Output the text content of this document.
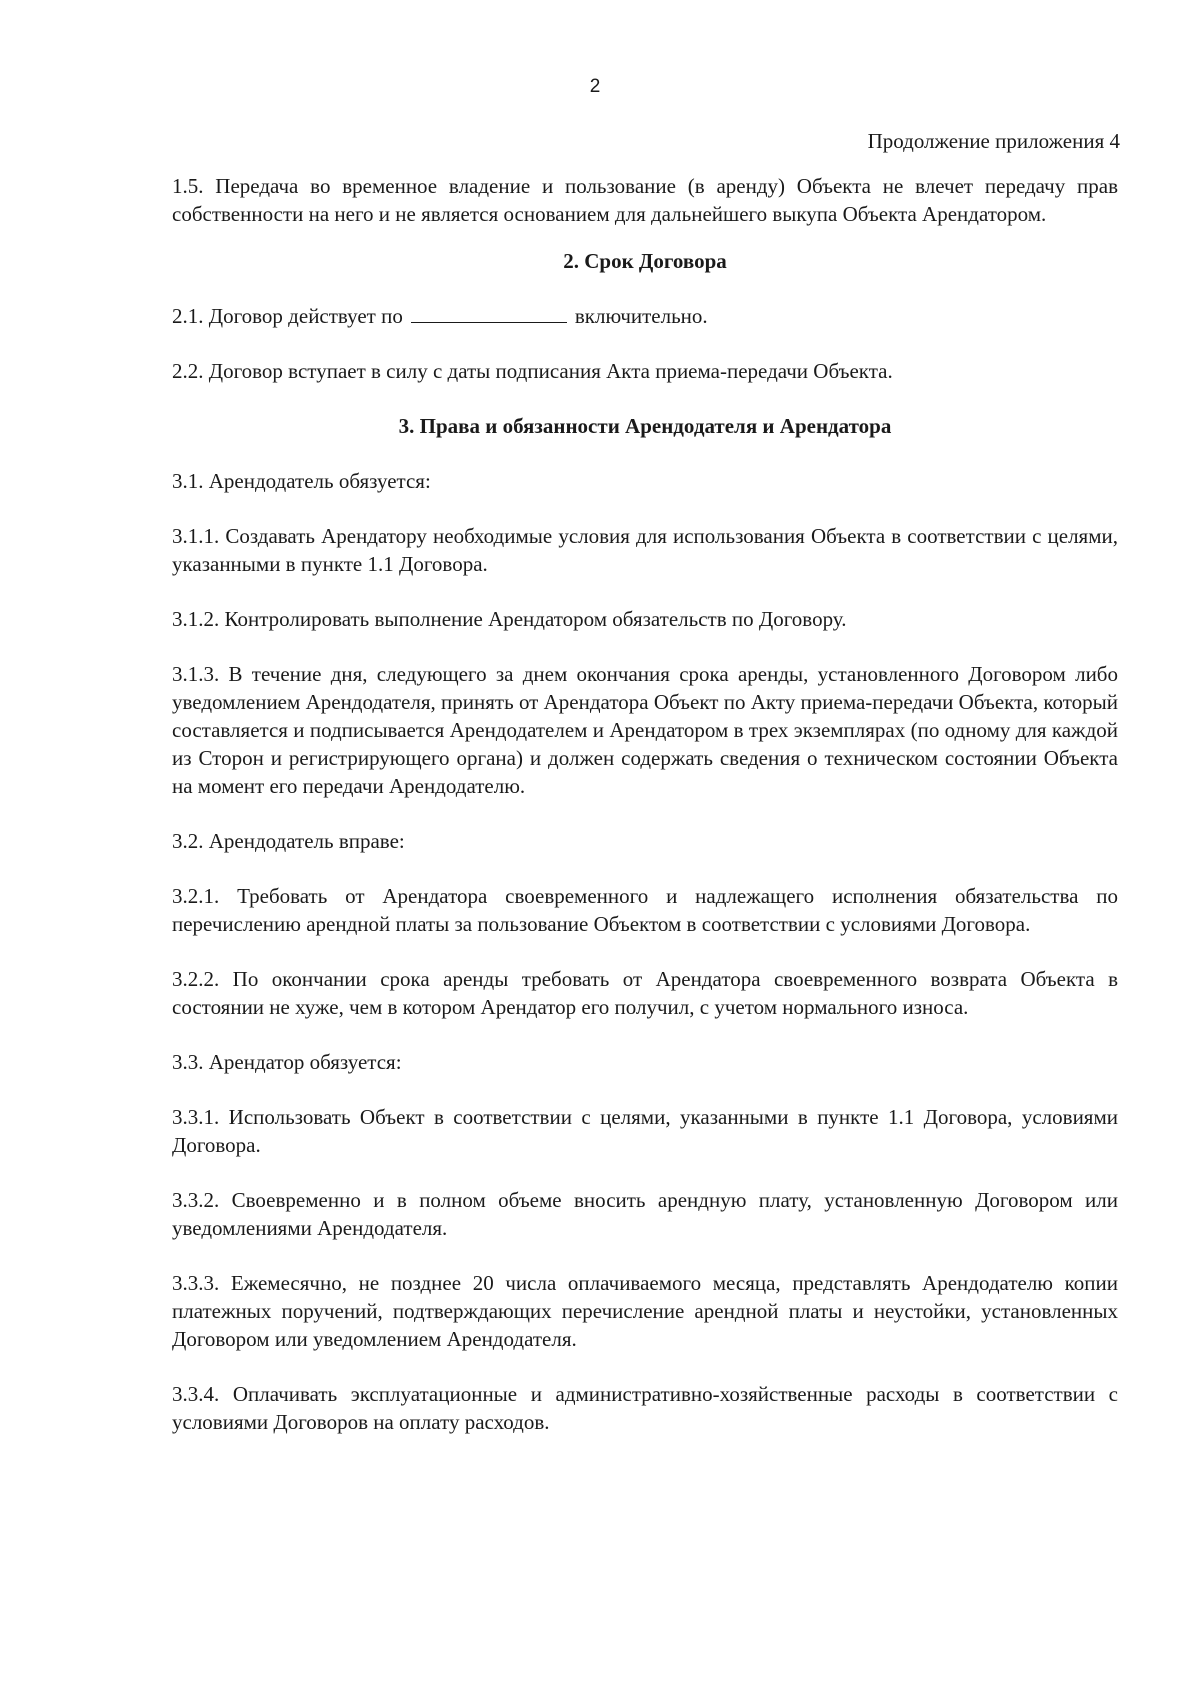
2
Продолжение приложения 4

1.5. Передача во временное владение и пользование (в аренду) Объекта не влечет передачу прав собственности на него и не является основанием для дальнейшего выкупа Объекта Арендатором.

2. Срок Договора

2.1. Договор действует по	включительно.

2.2. Договор вступает в силу с даты подписания Акта приема-передачи Объекта.

3. Права и обязанности Арендодателя и Арендатора

3.1. Арендодатель обязуется:

3.1.1. Создавать Арендатору необходимые условия для использования Объекта в соответствии с целями, указанными в пункте 1.1 Договора.

3.1.2. Контролировать выполнение Арендатором обязательств по Договору.

3.1.3. В течение дня, следующего за днем окончания срока аренды, установленного Договором либо уведомлением Арендодателя, принять от Арендатора Объект по Акту приема-передачи Объекта, который составляется и подписывается Арендодателем и Арендатором в трех экземплярах (по одному для каждой из Сторон и регистрирующего органа) и должен содержать сведения о техническом состоянии Объекта на момент его передачи Арендодателю.

3.2. Арендодатель вправе:

3.2.1. Требовать от Арендатора своевременного и надлежащего исполнения обязательства по перечислению арендной платы за пользование Объектом в соответствии с условиями Договора.

3.2.2. По окончании срока аренды требовать от Арендатора своевременного возврата Объекта в состоянии не хуже, чем в котором Арендатор его получил, с учетом нормального износа.

3.3. Арендатор обязуется:

3.3.1. Использовать Объект в соответствии с целями, указанными в пункте 1.1 Договора, условиями Договора.

3.3.2. Своевременно и в полном объеме вносить арендную плату, установленную Договором или уведомлениями Арендодателя.

3.3.3. Ежемесячно, не позднее 20 числа оплачиваемого месяца, представлять Арендодателю копии платежных поручений, подтверждающих перечисление арендной платы и неустойки, установленных Договором или уведомлением Арендодателя.

3.3.4. Оплачивать эксплуатационные и административно-хозяйственные расходы в соответствии с условиями Договоров на оплату расходов.
